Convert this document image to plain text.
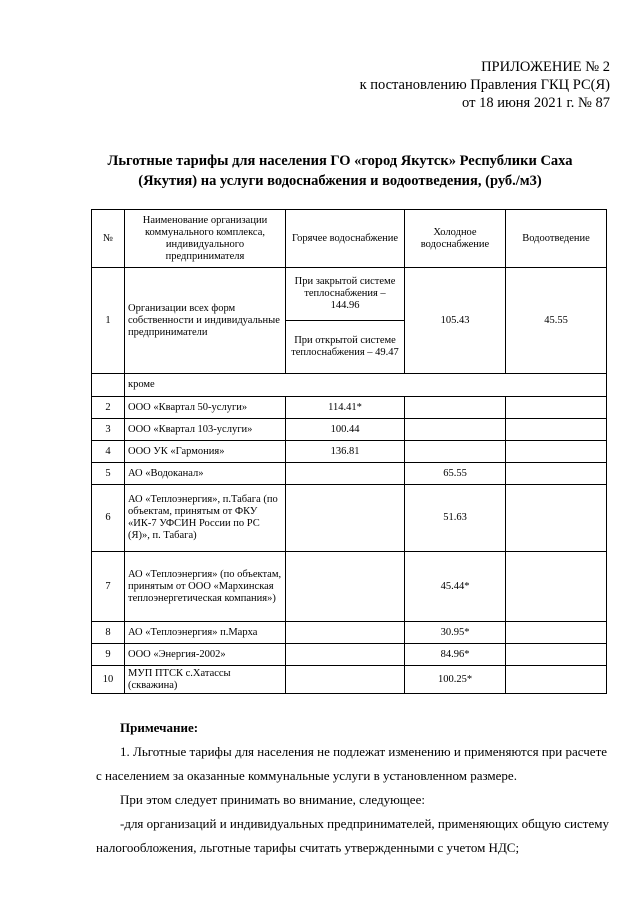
ПРИЛОЖЕНИЕ № 2
к постановлению Правления ГКЦ РС(Я)
от 18 июня 2021 г. № 87
Льготные тарифы для населения ГО «город Якутск» Республики Саха
(Якутия) на услуги водоснабжения и водоотведения, (руб./м3)
№	Наименование организации коммунального комплекса, индивидуального предпринимателя	Горячее водоснабжение	Холодное водоснабжение	Водоотведение
1	Организации всех форм собственности и индивидуальные предприниматели	При закрытой системе теплоснабжения – 144.96	105.43	45.55
		При открытой системе теплоснабжения – 49.47		
	кроме			
2	ООО «Квартал 50-услуги»	114.41*		
3	ООО «Квартал 103-услуги»	100.44		
4	ООО УК «Гармония»	136.81		
5	АО «Водоканал»		65.55	
6	АО «Теплоэнергия», п.Табага (по объектам, принятым от ФКУ «ИК-7 УФСИН России по РС (Я)», п. Табага)		51.63	
7	АО «Теплоэнергия» (по объектам, принятым от ООО «Мархинская теплоэнергетическая компания»)		45.44*	
8	АО «Теплоэнергия» п.Марха		30.95*	
9	ООО «Энергия-2002»		84.96*	
10	МУП ПТСК с.Хатассы (скважина)		100.25*	

Примечание:

1. Льготные тарифы для населения не подлежат изменению и применяются при расчете с населением за оказанные коммунальные услуги в установленном размере.

При этом следует принимать во внимание, следующее:

-для организаций и индивидуальных предпринимателей, применяющих общую систему налогообложения, льготные тарифы считать утвержденными с учетом НДС;
